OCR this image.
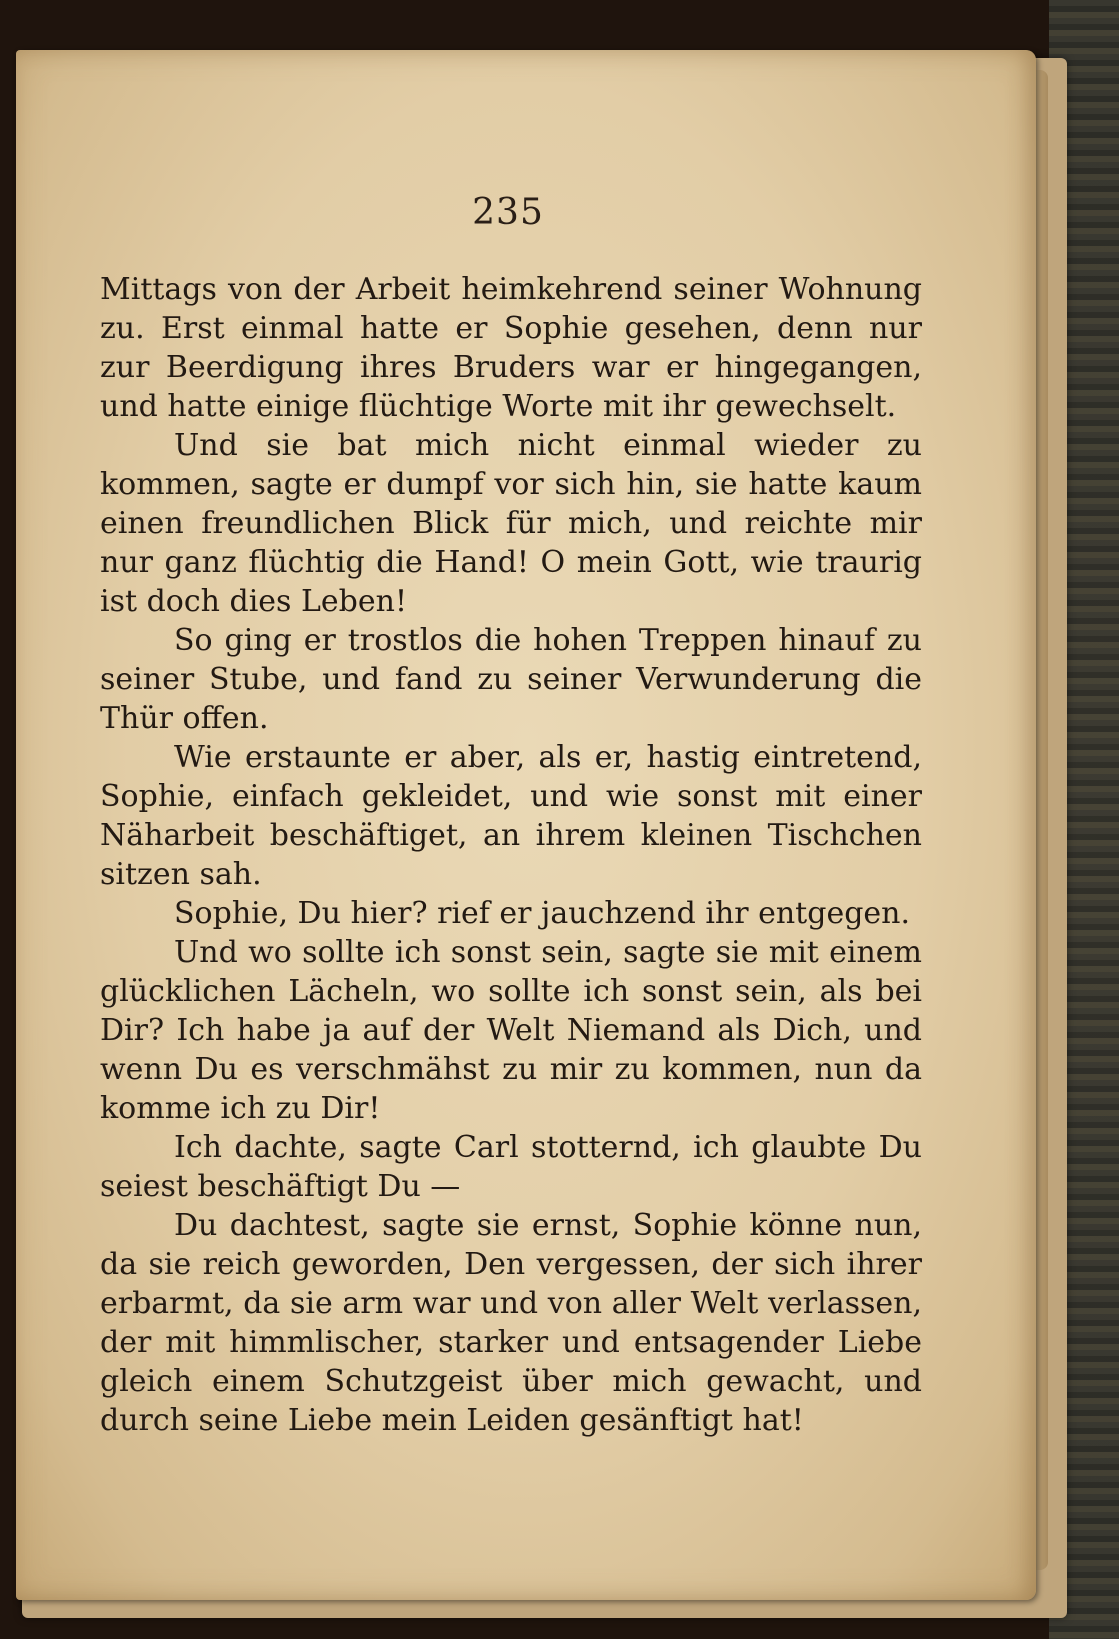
235

Mittags von der Arbeit heimkehrend seiner Wohnung zu. Erst einmal hatte er Sophie gesehen, denn nur zur Beerdigung ihres Bruders war er hingegangen, und hatte einige flüchtige Worte mit ihr gewechselt.

Und sie bat mich nicht einmal wieder zu kommen, sagte er dumpf vor sich hin, sie hatte kaum einen freundlichen Blick für mich, und reichte mir nur ganz flüchtig die Hand! O mein Gott, wie traurig ist doch dies Leben!

So ging er trostlos die hohen Treppen hinauf zu seiner Stube, und fand zu seiner Verwunderung die Thür offen.

Wie erstaunte er aber, als er, hastig eintretend, Sophie, einfach gekleidet, und wie sonst mit einer Näharbeit beschäftiget, an ihrem kleinen Tischchen sitzen sah.

Sophie, Du hier? rief er jauchzend ihr entgegen.

Und wo sollte ich sonst sein, sagte sie mit einem glücklichen Lächeln, wo sollte ich sonst sein, als bei Dir? Ich habe ja auf der Welt Niemand als Dich, und wenn Du es verschmähst zu mir zu kommen, nun da komme ich zu Dir!

Ich dachte, sagte Carl stotternd, ich glaubte Du seiest beschäftigt Du —

Du dachtest, sagte sie ernst, Sophie könne nun, da sie reich geworden, Den vergessen, der sich ihrer erbarmt, da sie arm war und von aller Welt verlassen, der mit himmlischer, starker und entsagender Liebe gleich einem Schutzgeist über mich gewacht, und durch seine Liebe mein Leiden gesänftigt hat!
